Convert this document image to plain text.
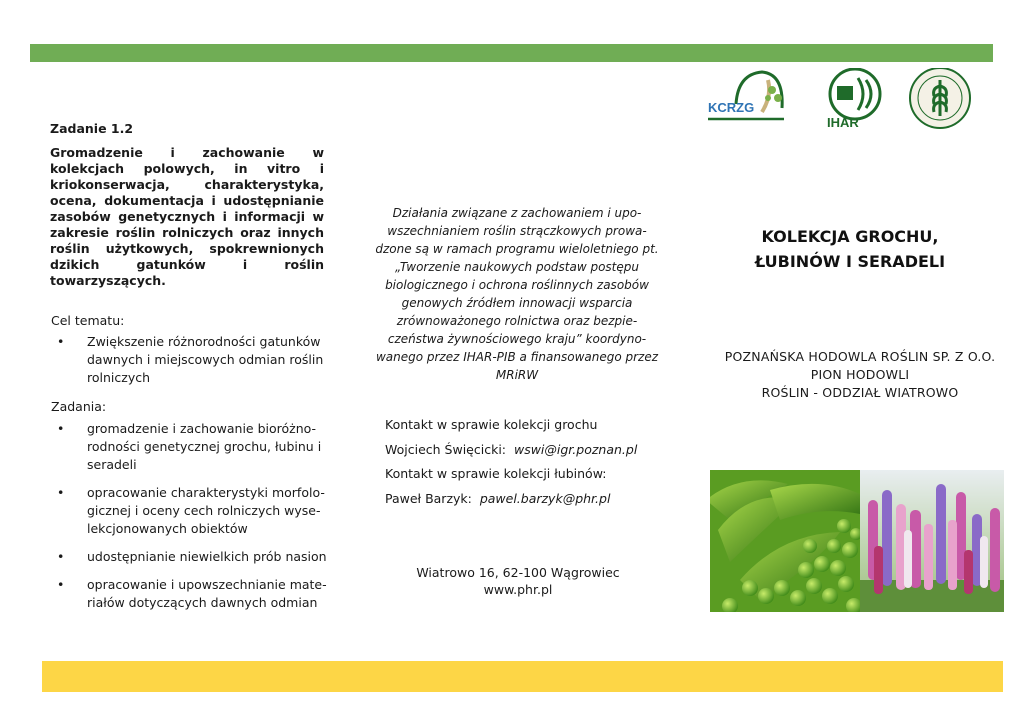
Zadanie 1.2
Gromadzenie i zachowanie w kolekcjach polowych, in vitro i kriokonserwacja, charakterystyka, ocena, dokumentacja i udostępnianie zasobów genetycznych i informacji w zakresie roślin rolniczych oraz innych roślin użytkowych, spokrewnionych dzikich gatunków i roślin towarzyszących.
Cel tematu:
• Zwiększenie różnorodności gatunków dawnych i miejscowych odmian roślin rolniczych
Zadania:
• gromadzenie i zachowanie bioróżno-rodności genetycznej grochu, łubinu i seradeli
• opracowanie charakterystyki morfolo-gicznej i oceny cech rolniczych wyse-lekcjonowanych obiektów
• udostępnianie niewielkich prób nasion
• opracowanie i upowszechnianie mate-riałów dotyczących dawnych odmian
Działania związane z zachowaniem i upo-wszechnianiem roślin strączkowych prowa-dzone są w ramach programu wieloletniego pt. „Tworzenie naukowych podstaw postępu biologicznego i ochrona roślinnych zasobów genowych źródłem innowacji wsparcia zrównoważonego rolnictwa oraz bezpie-czeństwa żywnościowego kraju” koordyno-wanego przez IHAR-PIB a finansowanego przez MRiRW
Kontakt w sprawie kolekcji grochu
Wojciech Święcicki: wswi@igr.poznan.pl
Kontakt w sprawie kolekcji łubinów:
Paweł Barzyk: pawel.barzyk@phr.pl
Wiatrowo 16, 62-100 Wągrowiec
www.phr.pl
KCRZG
IHAR
KOLEKCJA GROCHU,
ŁUBINÓW I SERADELI
POZNAŃSKA HODOWLA ROŚLIN SP. Z O.O.
PION HODOWLI
ROŚLIN - ODDZIAŁ WIATROWO
